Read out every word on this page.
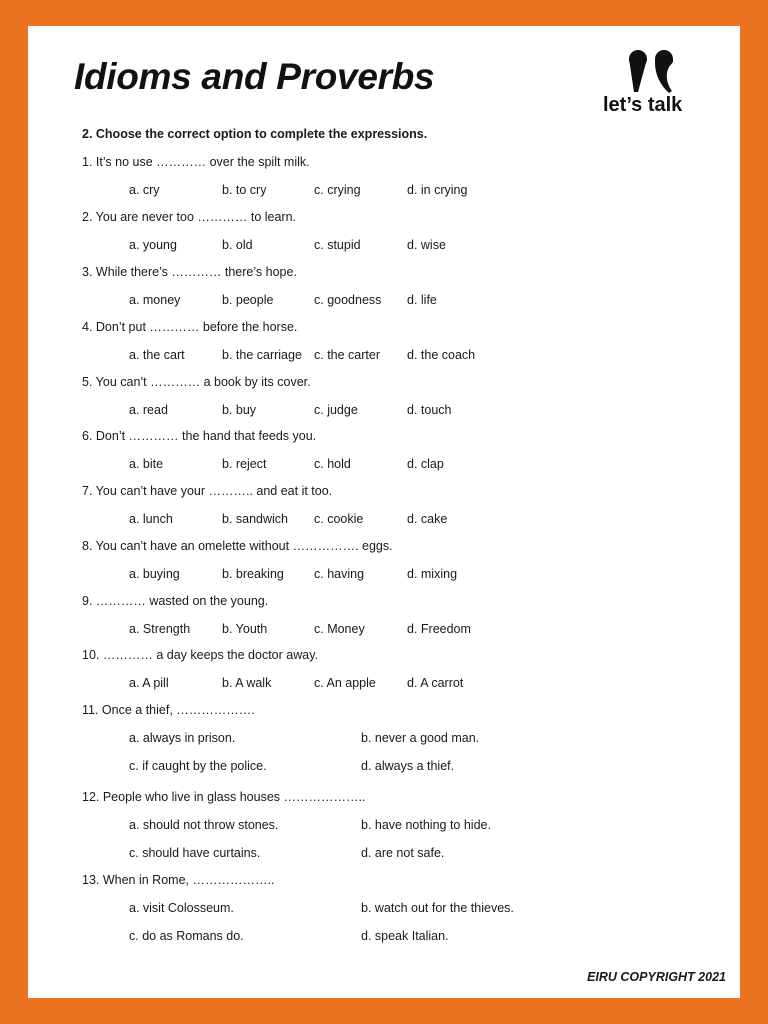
Idioms and Proverbs
let’s talk

2. Choose the correct option to complete the expressions.

1. It’s no use ………… over the spilt milk.

a. cry	b. to cry	c. crying	d. in crying

2. You are never too ………… to learn.

a. young	b. old	c. stupid	d. wise

3. While there’s ………… there’s hope.

a. money	b. people	c. goodness d. life

4. Don’t put ………… before the horse.

a. the cart	b. the carriage c. the carter d. the coach

5. You can’t ………… a book by its cover.

a. read	b. buy	c. judge	d. touch

6. Don’t ………… the hand that feeds you.

a. bite	b. reject	c. hold	d. clap

7. You can’t have your ……….. and eat it too.

a. lunch	b. sandwich c. cookie	d. cake

8. You can’t have an omelette without ……………. eggs.

a. buying	b. breaking c. having	d. mixing

9. ………… wasted on the young.

a. Strength	b. Youth	c. Money	d. Freedom

10. ………… a day keeps the doctor away.

a. A pill	b. A walk	c. An apple d. A carrot

11. Once a thief, ……………….

a. always in prison.	b. never a good man.
c. if caught by the police.	d. always a thief.

12. People who live in glass houses ………………..

a. should not throw stones.	b. have nothing to hide.
c. should have curtains.	d. are not safe.

13. When in Rome, ………………..

a. visit Colosseum.	b. watch out for the thieves.
c. do as Romans do.	d. speak Italian.
EIRU COPYRIGHT 2021
